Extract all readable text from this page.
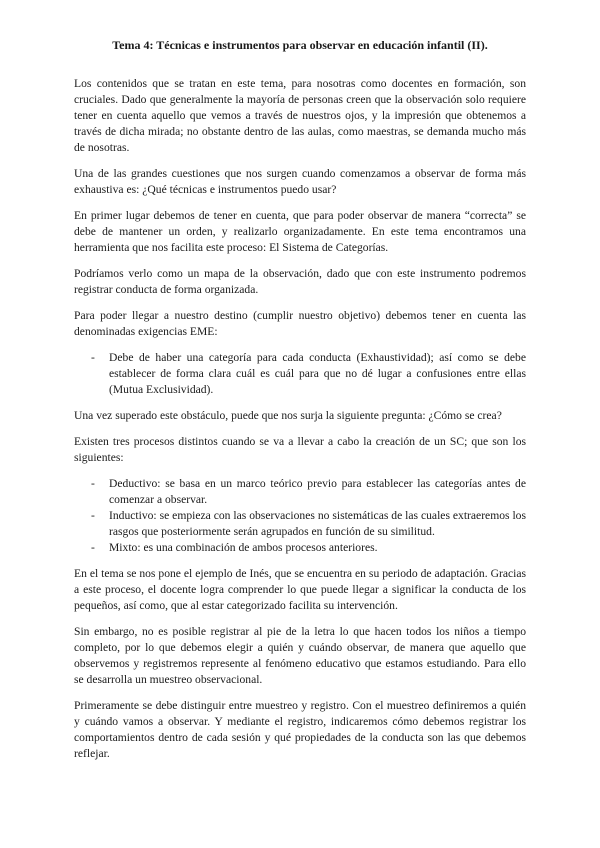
Tema 4: Técnicas e instrumentos para observar en educación infantil (II).

Los contenidos que se tratan en este tema, para nosotras como docentes en formación, son cruciales. Dado que generalmente la mayoría de personas creen que la observación solo requiere tener en cuenta aquello que vemos a través de nuestros ojos, y la impresión que obtenemos a través de dicha mirada; no obstante dentro de las aulas, como maestras, se demanda mucho más de nosotras.

Una de las grandes cuestiones que nos surgen cuando comenzamos a observar de forma más exhaustiva es: ¿Qué técnicas e instrumentos puedo usar?

En primer lugar debemos de tener en cuenta, que para poder observar de manera “correcta” se debe de mantener un orden, y realizarlo organizadamente. En este tema encontramos una herramienta que nos facilita este proceso: El Sistema de Categorías.

Podríamos verlo como un mapa de la observación, dado que con este instrumento podremos registrar conducta de forma organizada.

Para poder llegar a nuestro destino (cumplir nuestro objetivo) debemos tener en cuenta las denominadas exigencias EME:

- Debe de haber una categoría para cada conducta (Exhaustividad); así como se debe establecer de forma clara cuál es cuál para que no dé lugar a confusiones entre ellas (Mutua Exclusividad).

Una vez superado este obstáculo, puede que nos surja la siguiente pregunta: ¿Cómo se crea?

Existen tres procesos distintos cuando se va a llevar a cabo la creación de un SC; que son los siguientes:

- Deductivo: se basa en un marco teórico previo para establecer las categorías antes de comenzar a observar.
- Inductivo: se empieza con las observaciones no sistemáticas de las cuales extraeremos los rasgos que posteriormente serán agrupados en función de su similitud.
- Mixto: es una combinación de ambos procesos anteriores.

En el tema se nos pone el ejemplo de Inés, que se encuentra en su periodo de adaptación. Gracias a este proceso, el docente logra comprender lo que puede llegar a significar la conducta de los pequeños, así como, que al estar categorizado facilita su intervención.

Sin embargo, no es posible registrar al pie de la letra lo que hacen todos los niños a tiempo completo, por lo que debemos elegir a quién y cuándo observar, de manera que aquello que observemos y registremos represente al fenómeno educativo que estamos estudiando. Para ello se desarrolla un muestreo observacional.

Primeramente se debe distinguir entre muestreo y registro. Con el muestreo definiremos a quién y cuándo vamos a observar. Y mediante el registro, indicaremos cómo debemos registrar los comportamientos dentro de cada sesión y qué propiedades de la conducta son las que debemos reflejar.
